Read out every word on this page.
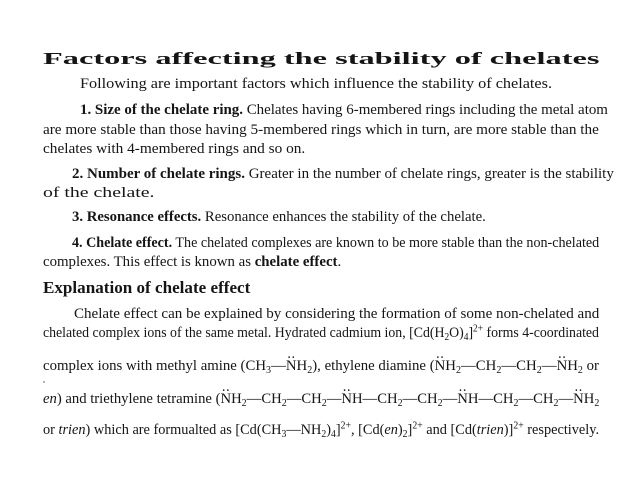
Factors affecting the stability of chelates

Following are important factors which influence the stability of chelates.

1. Size of the chelate ring. Chelates having 6-membered rings including the metal atom

are more stable than those having 5-membered rings which in turn, are more stable than the

chelates with 4-membered rings and so on.

2. Number of chelate rings. Greater in the number of chelate rings, greater is the stability

of the chelate.

3. Resonance effects. Resonance enhances the stability of the chelate.

4. Chelate effect. The chelated complexes are known to be more stable than the non-chelated

complexes. This effect is known as chelate effect.

Explanation of chelate effect

Chelate effect can be explained by considering the formation of some non-chelated and

chelated complex ions of the same metal. Hydrated cadmium ion, $[Cd(H_2O)_4]^{2+}$ forms 4-coordinated

complex ions with methyl amine ($CH_3—‥$ $NH_2$), ethylene diamine (‥ $NH_2—CH_2—CH_2—‥$ $NH_2$ or

en) and triethylene tetramine (‥ $NH_2—CH_2—CH_2—‥$ $NH—CH_2—CH_2—‥$ $NH—CH_2—CH_2—‥$ $NH_2$

or trien) which are formualted as $[Cd(CH_3—NH_2)_4]^{2+}$, $[Cd(en)_2]^{2+}$ and [Cd(trien)]$^{2+}$ respectively.
